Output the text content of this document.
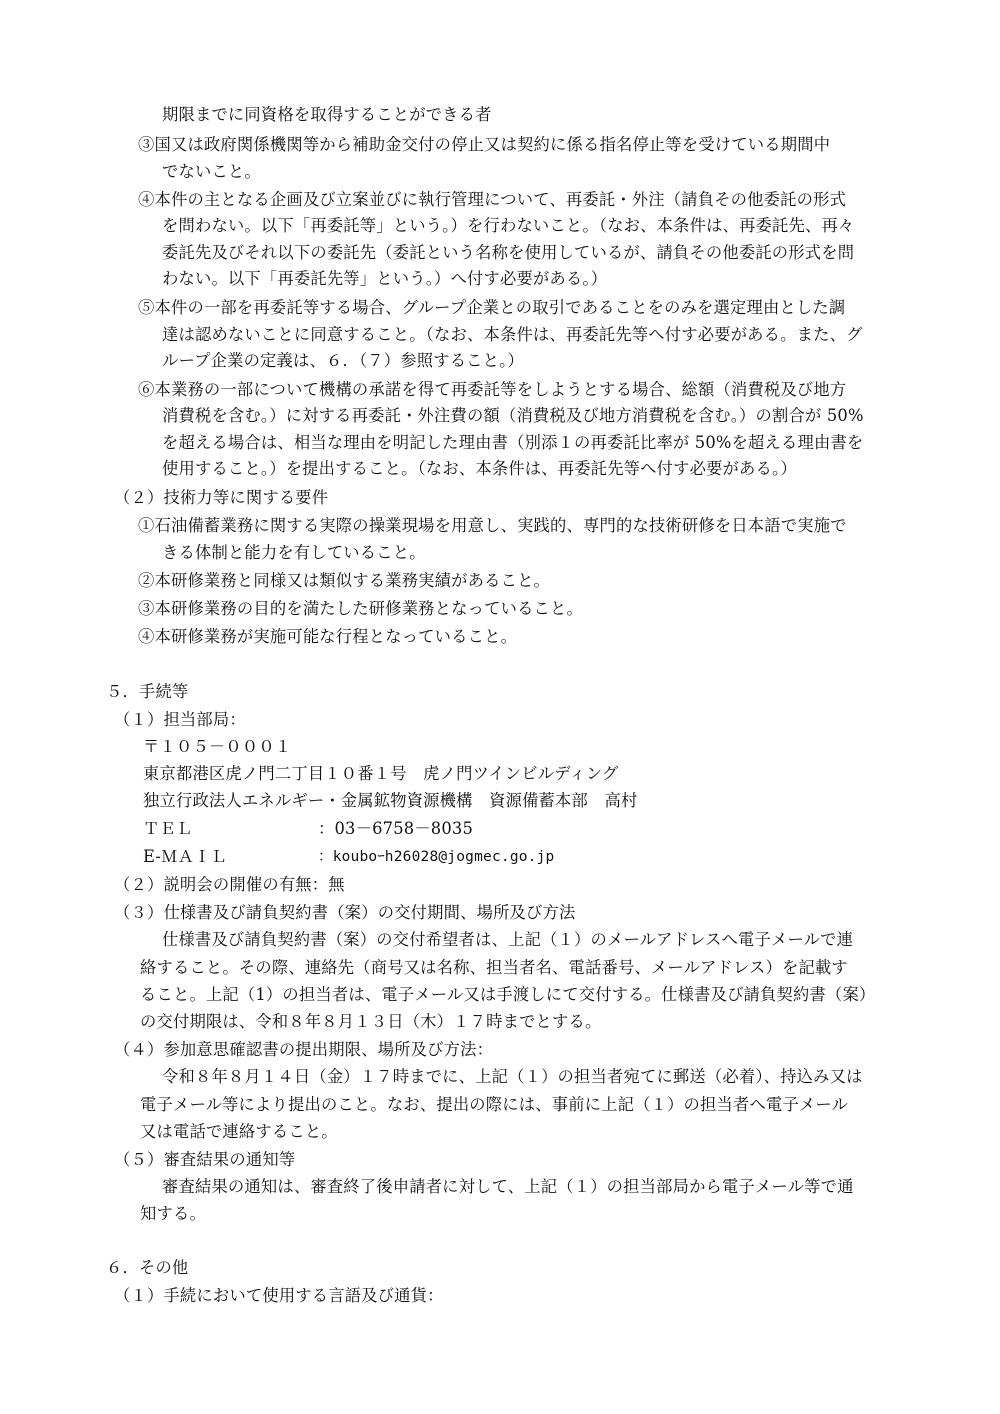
期限までに同資格を取得することができる者
③国又は政府関係機関等から補助金交付の停止又は契約に係る指名停止等を受けている期間中
でないこと。
④本件の主となる企画及び立案並びに執行管理について、再委託・外注（請負その他委託の形式
を問わない。以下「再委託等」という。）を行わないこと。（なお、本条件は、再委託先、再々
委託先及びそれ以下の委託先（委託という名称を使用しているが、請負その他委託の形式を問
わない。以下「再委託先等」という。）へ付す必要がある。）
⑤本件の一部を再委託等する場合、グループ企業との取引であることをのみを選定理由とした調
達は認めないことに同意すること。（なお、本条件は、再委託先等へ付す必要がある。また、グ
ループ企業の定義は、６．（７）参照すること。）
⑥本業務の一部について機構の承諾を得て再委託等をしようとする場合、総額（消費税及び地方
消費税を含む。）に対する再委託・外注費の額（消費税及び地方消費税を含む。）の割合が 50%
を超える場合は、相当な理由を明記した理由書（別添１の再委託比率が 50%を超える理由書を
使用すること。）を提出すること。（なお、本条件は、再委託先等へ付す必要がある。）
（２）技術力等に関する要件
①石油備蓄業務に関する実際の操業現場を用意し、実践的、専門的な技術研修を日本語で実施で
きる体制と能力を有していること。
②本研修業務と同様又は類似する業務実績があること。
③本研修業務の目的を満たした研修業務となっていること。
④本研修業務が実施可能な行程となっていること。
５．手続等
（１）担当部局：
〒１０５－０００１
東京都港区虎ノ門二丁目１０番１号　虎ノ門ツインビルディング
独立行政法人エネルギー・金属鉱物資源機構　資源備蓄本部　高村
ＴＥＬ	：03－6758－8035
E-ＭＡＩＬ	：kouboｰh26028@jogmec.go.jp
（２）説明会の開催の有無：無
（３）仕様書及び請負契約書（案）の交付期間、場所及び方法
仕様書及び請負契約書（案）の交付希望者は、上記（１）のメールアドレスへ電子メールで連
絡すること。その際、連絡先（商号又は名称、担当者名、電話番号、メールアドレス）を記載す
ること。上記（1）の担当者は、電子メール又は手渡しにて交付する。仕様書及び請負契約書（案）
の交付期限は、令和８年８月１３日（木）１７時までとする。
（４）参加意思確認書の提出期限、場所及び方法：
令和８年８月１４日（金）１７時までに、上記（１）の担当者宛てに郵送（必着）、持込み又は
電子メール等により提出のこと。なお、提出の際には、事前に上記（１）の担当者へ電子メール
又は電話で連絡すること。
（５）審査結果の通知等
審査結果の通知は、審査終了後申請者に対して、上記（１）の担当部局から電子メール等で通
知する。
６．その他
（１）手続において使用する言語及び通貨：
